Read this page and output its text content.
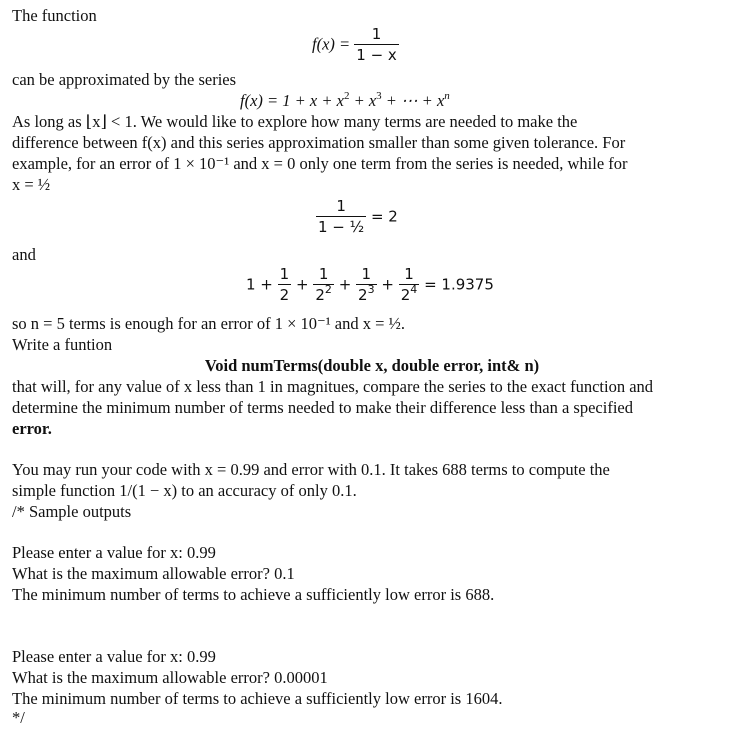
The function
$f(x) = \frac{1}{1 - x}$
can be approximated by the series
$f(x) = 1 + x + x^2 + x^3$ + ⋯ + $x^n$
As long as ⌊x⌋ < 1. We would like to explore how many terms are needed to make the
difference between f(x) and this series approximation smaller than some given tolerance. For
example, for an error of 1 × 10⁻¹ and x = 0 only one term from the series is needed, while for
x = ½
$\frac{1}{\text{1 − ½}} = 2$
and
$1 + \frac{1}{2} + \frac{1}{2^2} + \frac{1}{2^3} + \frac{1}{2^4} = 1.9375$
so n = 5 terms is enough for an error of 1 × 10⁻¹ and x = ½.
Write a funtion
Void numTerms(double x, double error, int& n)
that will, for any value of x less than 1 in magnitues, compare the series to the exact function and
determine the minimum number of terms needed to make their difference less than a specified
error.
You may run your code with x = 0.99 and error with 0.1. It takes 688 terms to compute the
simple function 1/(1 − x) to an accuracy of only 0.1.
/* Sample outputs
Please enter a value for x: 0.99
What is the maximum allowable error? 0.1
The minimum number of terms to achieve a sufficiently low error is 688.
Please enter a value for x: 0.99
What is the maximum allowable error? 0.00001
The minimum number of terms to achieve a sufficiently low error is 1604.
*/
